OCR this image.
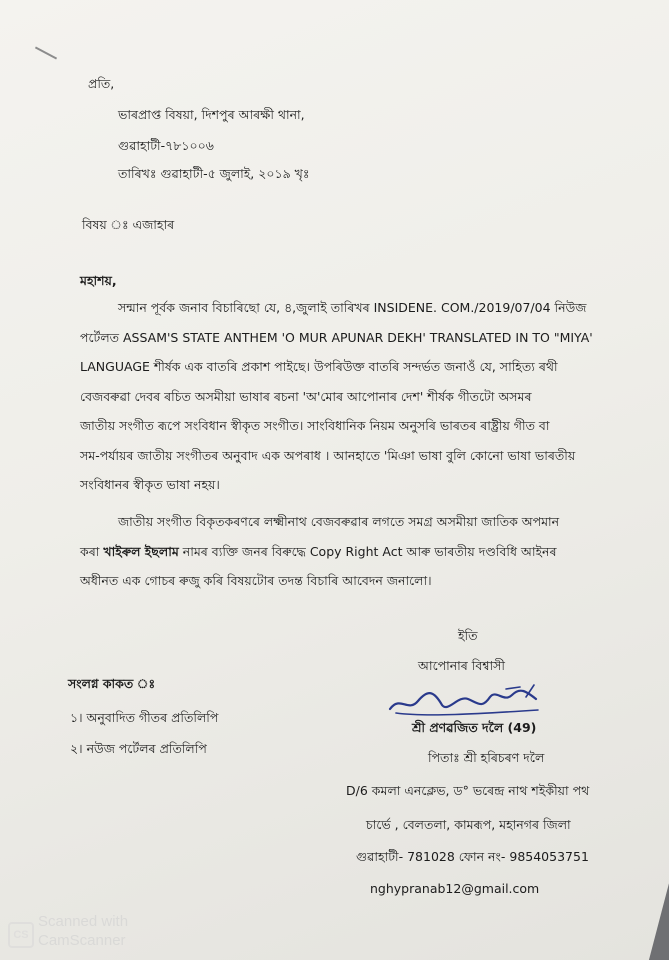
প্ৰতি,
ভাৰপ্ৰাপ্ত বিষয়া, দিশপুৰ আৰক্ষী থানা,
গুৱাহাটী-৭৮১০০৬
তাৰিখঃ গুৱাহাটী-৫ জুলাই, ২০১৯ খৃঃ
বিষয় ঃ এজাহাৰ
মহাশয়,
সন্মান পূৰ্বক জনাব বিচাৰিছো যে, ৪,জুলাই তাৰিখৰ INSIDENE. COM./2019/07/04 নিউজ
পৰ্টেলত ASSAM'S STATE ANTHEM 'O MUR APUNAR DEKH' TRANSLATED IN TO "MIYA'
LANGUAGE শীৰ্ষক এক বাতৰি প্ৰকাশ পাইছে। উপৰিউক্ত বাতৰি সন্দৰ্ভত জনাওঁ যে, সাহিত্য ৰথী
বেজবৰুৱা দেবৰ ৰচিত অসমীয়া ভাষাৰ ৰচনা 'অ'মোৰ আপোনাৰ দেশ' শীৰ্ষক গীতটো অসমৰ
জাতীয় সংগীত ৰূপে সংবিধান স্বীকৃত সংগীত। সাংবিধানিক নিয়ম অনুসৰি ভাৰতৰ ৰাষ্ট্ৰীয় গীত বা
সম-পৰ্যায়ৰ জাতীয় সংগীতৰ অনুবাদ এক অপৰাধ । আনহাতে 'মিঞা ভাষা বুলি কোনো ভাষা ভাৰতীয়
সংবিধানৰ স্বীকৃত ভাষা নহয়।
জাতীয় সংগীত বিকৃতকৰণৰে লক্ষ্মীনাথ বেজবৰুৱাৰ লগতে সমগ্ৰ অসমীয়া জাতিক অপমান
কৰা খাইৰুল ইছলাম নামৰ ব্যক্তি জনৰ বিৰুদ্ধে Copy Right Act আৰু ভাৰতীয় দণ্ডবিধি আইনৰ
অধীনত এক গোচৰ ৰুজু কৰি বিষয়টোৰ তদন্ত বিচাৰি আবেদন জনালো।
ইতি
আপোনাৰ বিশ্বাসী
শ্ৰী প্ৰণৱজিত দলৈ (49)
পিতাঃ শ্ৰী হৰিচৰণ দলৈ
D/6 কমলা এনক্লেভ, ড° ভৰেন্দ্ৰ নাথ শইকীয়া পথ
চাৰ্ভে , বেলতলা, কামৰূপ, মহানগৰ জিলা
গুৱাহাটী- 781028 ফোন নং- 9854053751
nghypranab12@gmail.com
সংলগ্ন কাকত ঃ
১। অনুবাদিত গীতৰ প্ৰতিলিপি
২। নউজ পৰ্টেলৰ প্ৰতিলিপি
CS
Scanned with
CamScanner
